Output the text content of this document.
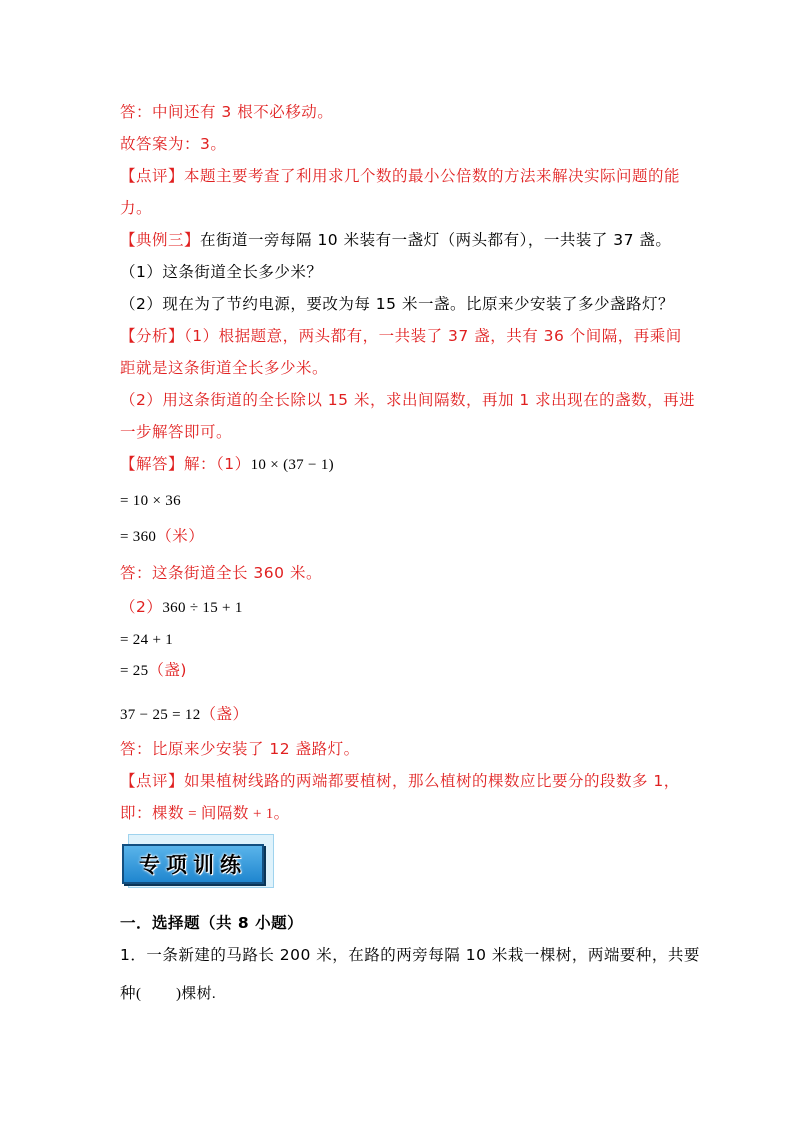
答：中间还有 3 根不必移动。
故答案为：3。
【点评】本题主要考查了利用求几个数的最小公倍数的方法来解决实际问题的能
力。
【典例三】在街道一旁每隔 10 米装有一盏灯（两头都有），一共装了 37 盏。
（1）这条街道全长多少米？
（2）现在为了节约电源，要改为每 15 米一盏。比原来少安装了多少盏路灯？
【分析】（1）根据题意，两头都有，一共装了 37 盏，共有 36 个间隔，再乘间
距就是这条街道全长多少米。
（2）用这条街道的全长除以 15 米，求出间隔数，再加 1 求出现在的盏数，再进
一步解答即可。
【解答】解：（1）10 × (37 − 1)
= 10 × 36
= 360（米）
答：这条街道全长 360 米。
（2）360 ÷ 15 + 1
= 24 + 1
= 25（盏)
37 − 25 = 12（盏）
答：比原来少安装了 12 盏路灯。
【点评】如果植树线路的两端都要植树，那么植树的棵数应比要分的段数多 1，
即：棵数 = 间隔数 + 1。
专项训练
一．选择题（共 8 小题）
1．一条新建的马路长 200 米，在路的两旁每隔 10 米栽一棵树，两端要种，共要
种(　　 )棵树.
